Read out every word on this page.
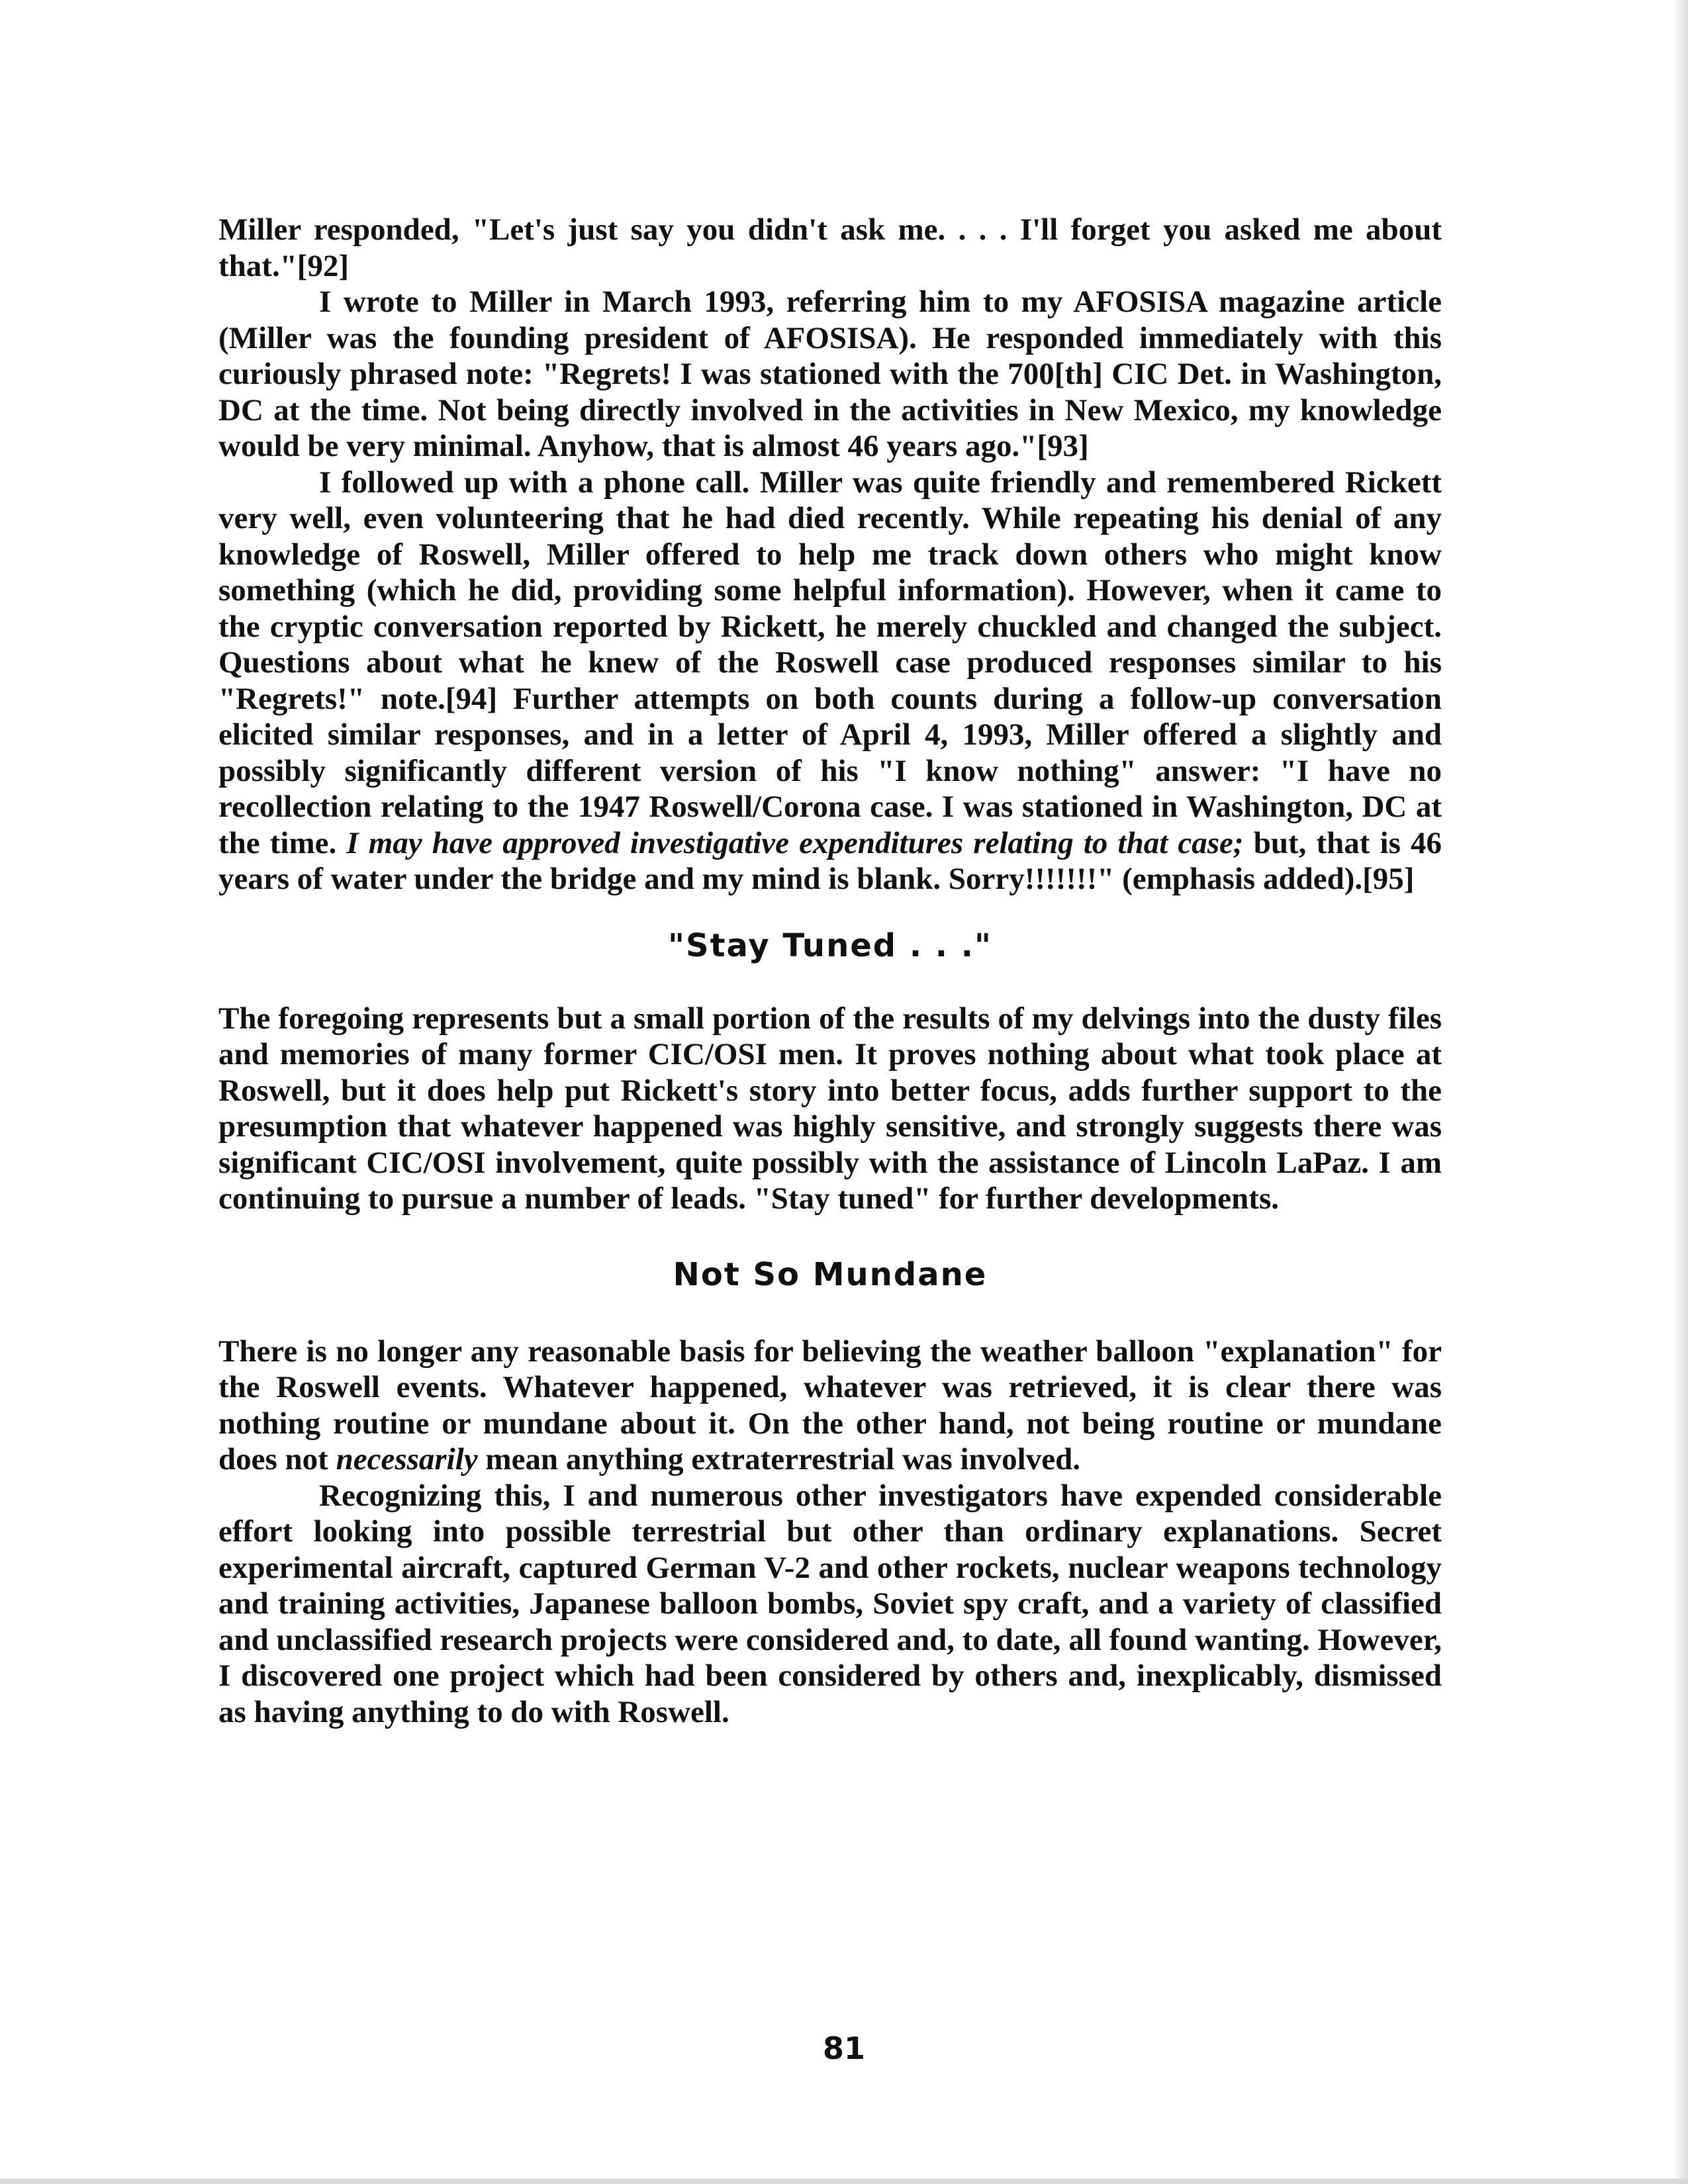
Miller responded, "Let's just say you didn't ask me. . . . I'll forget you asked me about that."[92]

I wrote to Miller in March 1993, referring him to my AFOSISA magazine article (Miller was the founding president of AFOSISA). He responded immediately with this curiously phrased note: "Regrets! I was stationed with the 700[th] CIC Det. in Washington, DC at the time. Not being directly involved in the activities in New Mexico, my knowledge would be very minimal. Anyhow, that is almost 46 years ago."[93]

I followed up with a phone call. Miller was quite friendly and remembered Rickett very well, even volunteering that he had died recently. While repeating his denial of any knowledge of Roswell, Miller offered to help me track down others who might know something (which he did, providing some helpful information). However, when it came to the cryptic conversation reported by Rickett, he merely chuckled and changed the subject. Questions about what he knew of the Roswell case produced responses similar to his "Regrets!" note.[94] Further attempts on both counts during a follow-up conversation elicited similar responses, and in a letter of April 4, 1993, Miller offered a slightly and possibly significantly different version of his "I know nothing" answer: "I have no recollection relating to the 1947 Roswell/Corona case. I was stationed in Washington, DC at the time. I may have approved investigative expenditures relating to that case; but, that is 46 years of water under the bridge and my mind is blank. Sorry!!!!!!!" (emphasis added).[95]

"Stay Tuned . . ."

The foregoing represents but a small portion of the results of my delvings into the dusty files and memories of many former CIC/OSI men. It proves nothing about what took place at Roswell, but it does help put Rickett's story into better focus, adds further support to the presumption that whatever happened was highly sensitive, and strongly suggests there was significant CIC/OSI involvement, quite possibly with the assistance of Lincoln LaPaz. I am continuing to pursue a number of leads. "Stay tuned" for further developments.

Not So Mundane

There is no longer any reasonable basis for believing the weather balloon "explanation" for the Roswell events. Whatever happened, whatever was retrieved, it is clear there was nothing routine or mundane about it. On the other hand, not being routine or mundane does not necessarily mean anything extraterrestrial was involved.

Recognizing this, I and numerous other investigators have expended considerable effort looking into possible terrestrial but other than ordinary explanations. Secret experimental aircraft, captured German V-2 and other rockets, nuclear weapons technology and training activities, Japanese balloon bombs, Soviet spy craft, and a variety of classified and unclassified research projects were considered and, to date, all found wanting. However, I discovered one project which had been considered by others and, inexplicably, dismissed as having anything to do with Roswell.

81
